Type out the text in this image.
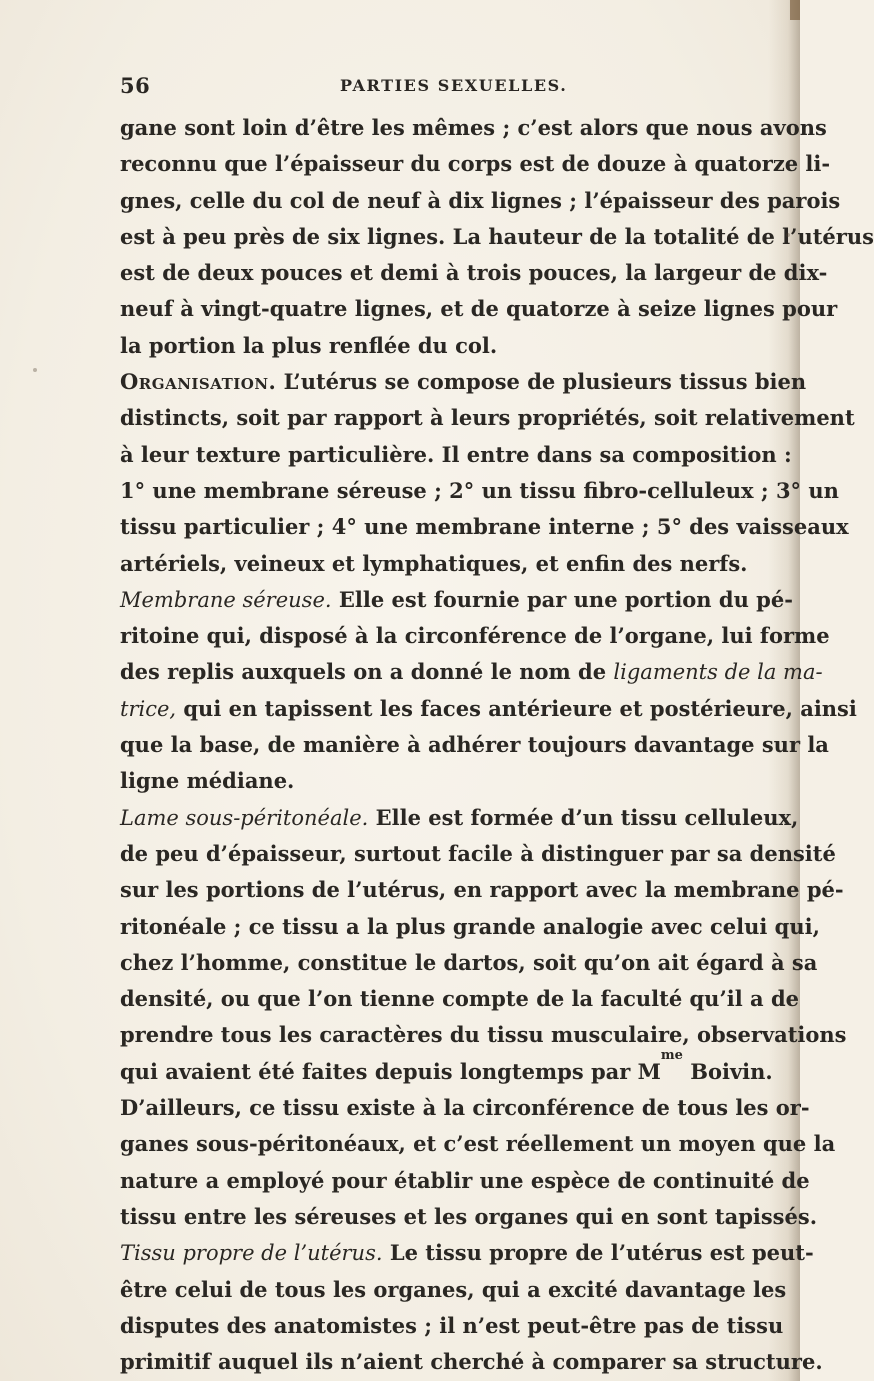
56	PARTIES SEXUELLES.
gane sont loin d’être les mêmes ; c’est alors que nous avons
reconnu que l’épaisseur du corps est de douze à quatorze li-
gnes, celle du col de neuf à dix lignes ; l’épaisseur des parois
est à peu près de six lignes. La hauteur de la totalité de l’utérus
est de deux pouces et demi à trois pouces, la largeur de dix-
neuf à vingt-quatre lignes, et de quatorze à seize lignes pour
la portion la plus renflée du col.
Organisation. L’utérus se compose de plusieurs tissus bien
distincts, soit par rapport à leurs propriétés, soit relativement
à leur texture particulière. Il entre dans sa composition :
1° une membrane séreuse ; 2° un tissu fibro-celluleux ; 3° un
tissu particulier ; 4° une membrane interne ; 5° des vaisseaux
artériels, veineux et lymphatiques, et enfin des nerfs.
Membrane séreuse. Elle est fournie par une portion du pé-
ritoine qui, disposé à la circonférence de l’organe, lui forme
des replis auxquels on a donné le nom de ligaments de la ma-
trice, qui en tapissent les faces antérieure et postérieure, ainsi
que la base, de manière à adhérer toujours davantage sur la
ligne médiane.
Lame sous-péritonéale. Elle est formée d’un tissu celluleux,
de peu d’épaisseur, surtout facile à distinguer par sa densité
sur les portions de l’utérus, en rapport avec la membrane pé-
ritonéale ; ce tissu a la plus grande analogie avec celui qui,
chez l’homme, constitue le dartos, soit qu’on ait égard à sa
densité, ou que l’on tienne compte de la faculté qu’il a de
prendre tous les caractères du tissu musculaire, observations
qui avaient été faites depuis longtemps par $M^{me}$ Boivin.
D’ailleurs, ce tissu existe à la circonférence de tous les or-
ganes sous-péritonéaux, et c’est réellement un moyen que la
nature a employé pour établir une espèce de continuité de
tissu entre les séreuses et les organes qui en sont tapissés.
Tissu propre de l’utérus. Le tissu propre de l’utérus est peut-
être celui de tous les organes, qui a excité davantage les
disputes des anatomistes ; il n’est peut-être pas de tissu
primitif auquel ils n’aient cherché à comparer sa structure.
